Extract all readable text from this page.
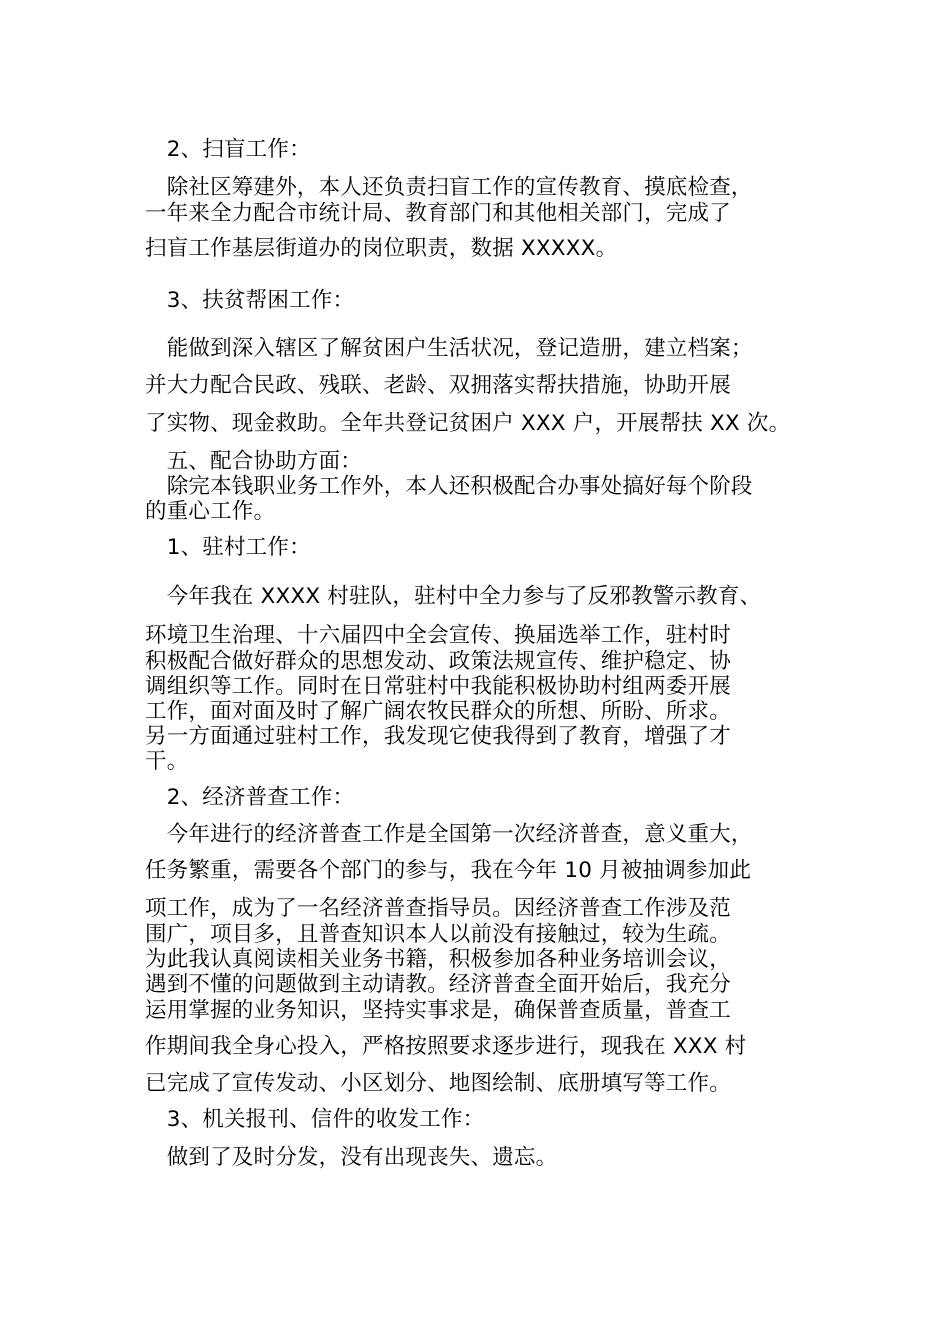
　2、扫盲工作：

　除社区筹建外，本人还负责扫盲工作的宣传教育、摸底检查，

一年来全力配合市统计局、教育部门和其他相关部门，完成了

扫盲工作基层街道办的岗位职责，数据 XXXXX。

　3、扶贫帮困工作：

　能做到深入辖区了解贫困户生活状况，登记造册，建立档案；

并大力配合民政、残联、老龄、双拥落实帮扶措施，协助开展

了实物、现金救助。全年共登记贫困户 XXX 户，开展帮扶 XX 次。

　五、配合协助方面：

　除完本钱职业务工作外，本人还积极配合办事处搞好每个阶段

的重心工作。

　1、驻村工作：

　今年我在 XXXX 村驻队，驻村中全力参与了反邪教警示教育、

环境卫生治理、十六届四中全会宣传、换届选举工作，驻村时

积极配合做好群众的思想发动、政策法规宣传、维护稳定、协

调组织等工作。同时在日常驻村中我能积极协助村组两委开展

工作，面对面及时了解广阔农牧民群众的所想、所盼、所求。

另一方面通过驻村工作，我发现它使我得到了教育，增强了才

干。

　2、经济普查工作：

　今年进行的经济普查工作是全国第一次经济普查，意义重大，

任务繁重，需要各个部门的参与，我在今年 10 月被抽调参加此

项工作，成为了一名经济普查指导员。因经济普查工作涉及范

围广，项目多，且普查知识本人以前没有接触过，较为生疏。

为此我认真阅读相关业务书籍，积极参加各种业务培训会议，

遇到不懂的问题做到主动请教。经济普查全面开始后，我充分

运用掌握的业务知识，坚持实事求是，确保普查质量，普查工

作期间我全身心投入，严格按照要求逐步进行，现我在 XXX 村

已完成了宣传发动、小区划分、地图绘制、底册填写等工作。

　3、机关报刊、信件的收发工作：

　做到了及时分发，没有出现丧失、遗忘。
